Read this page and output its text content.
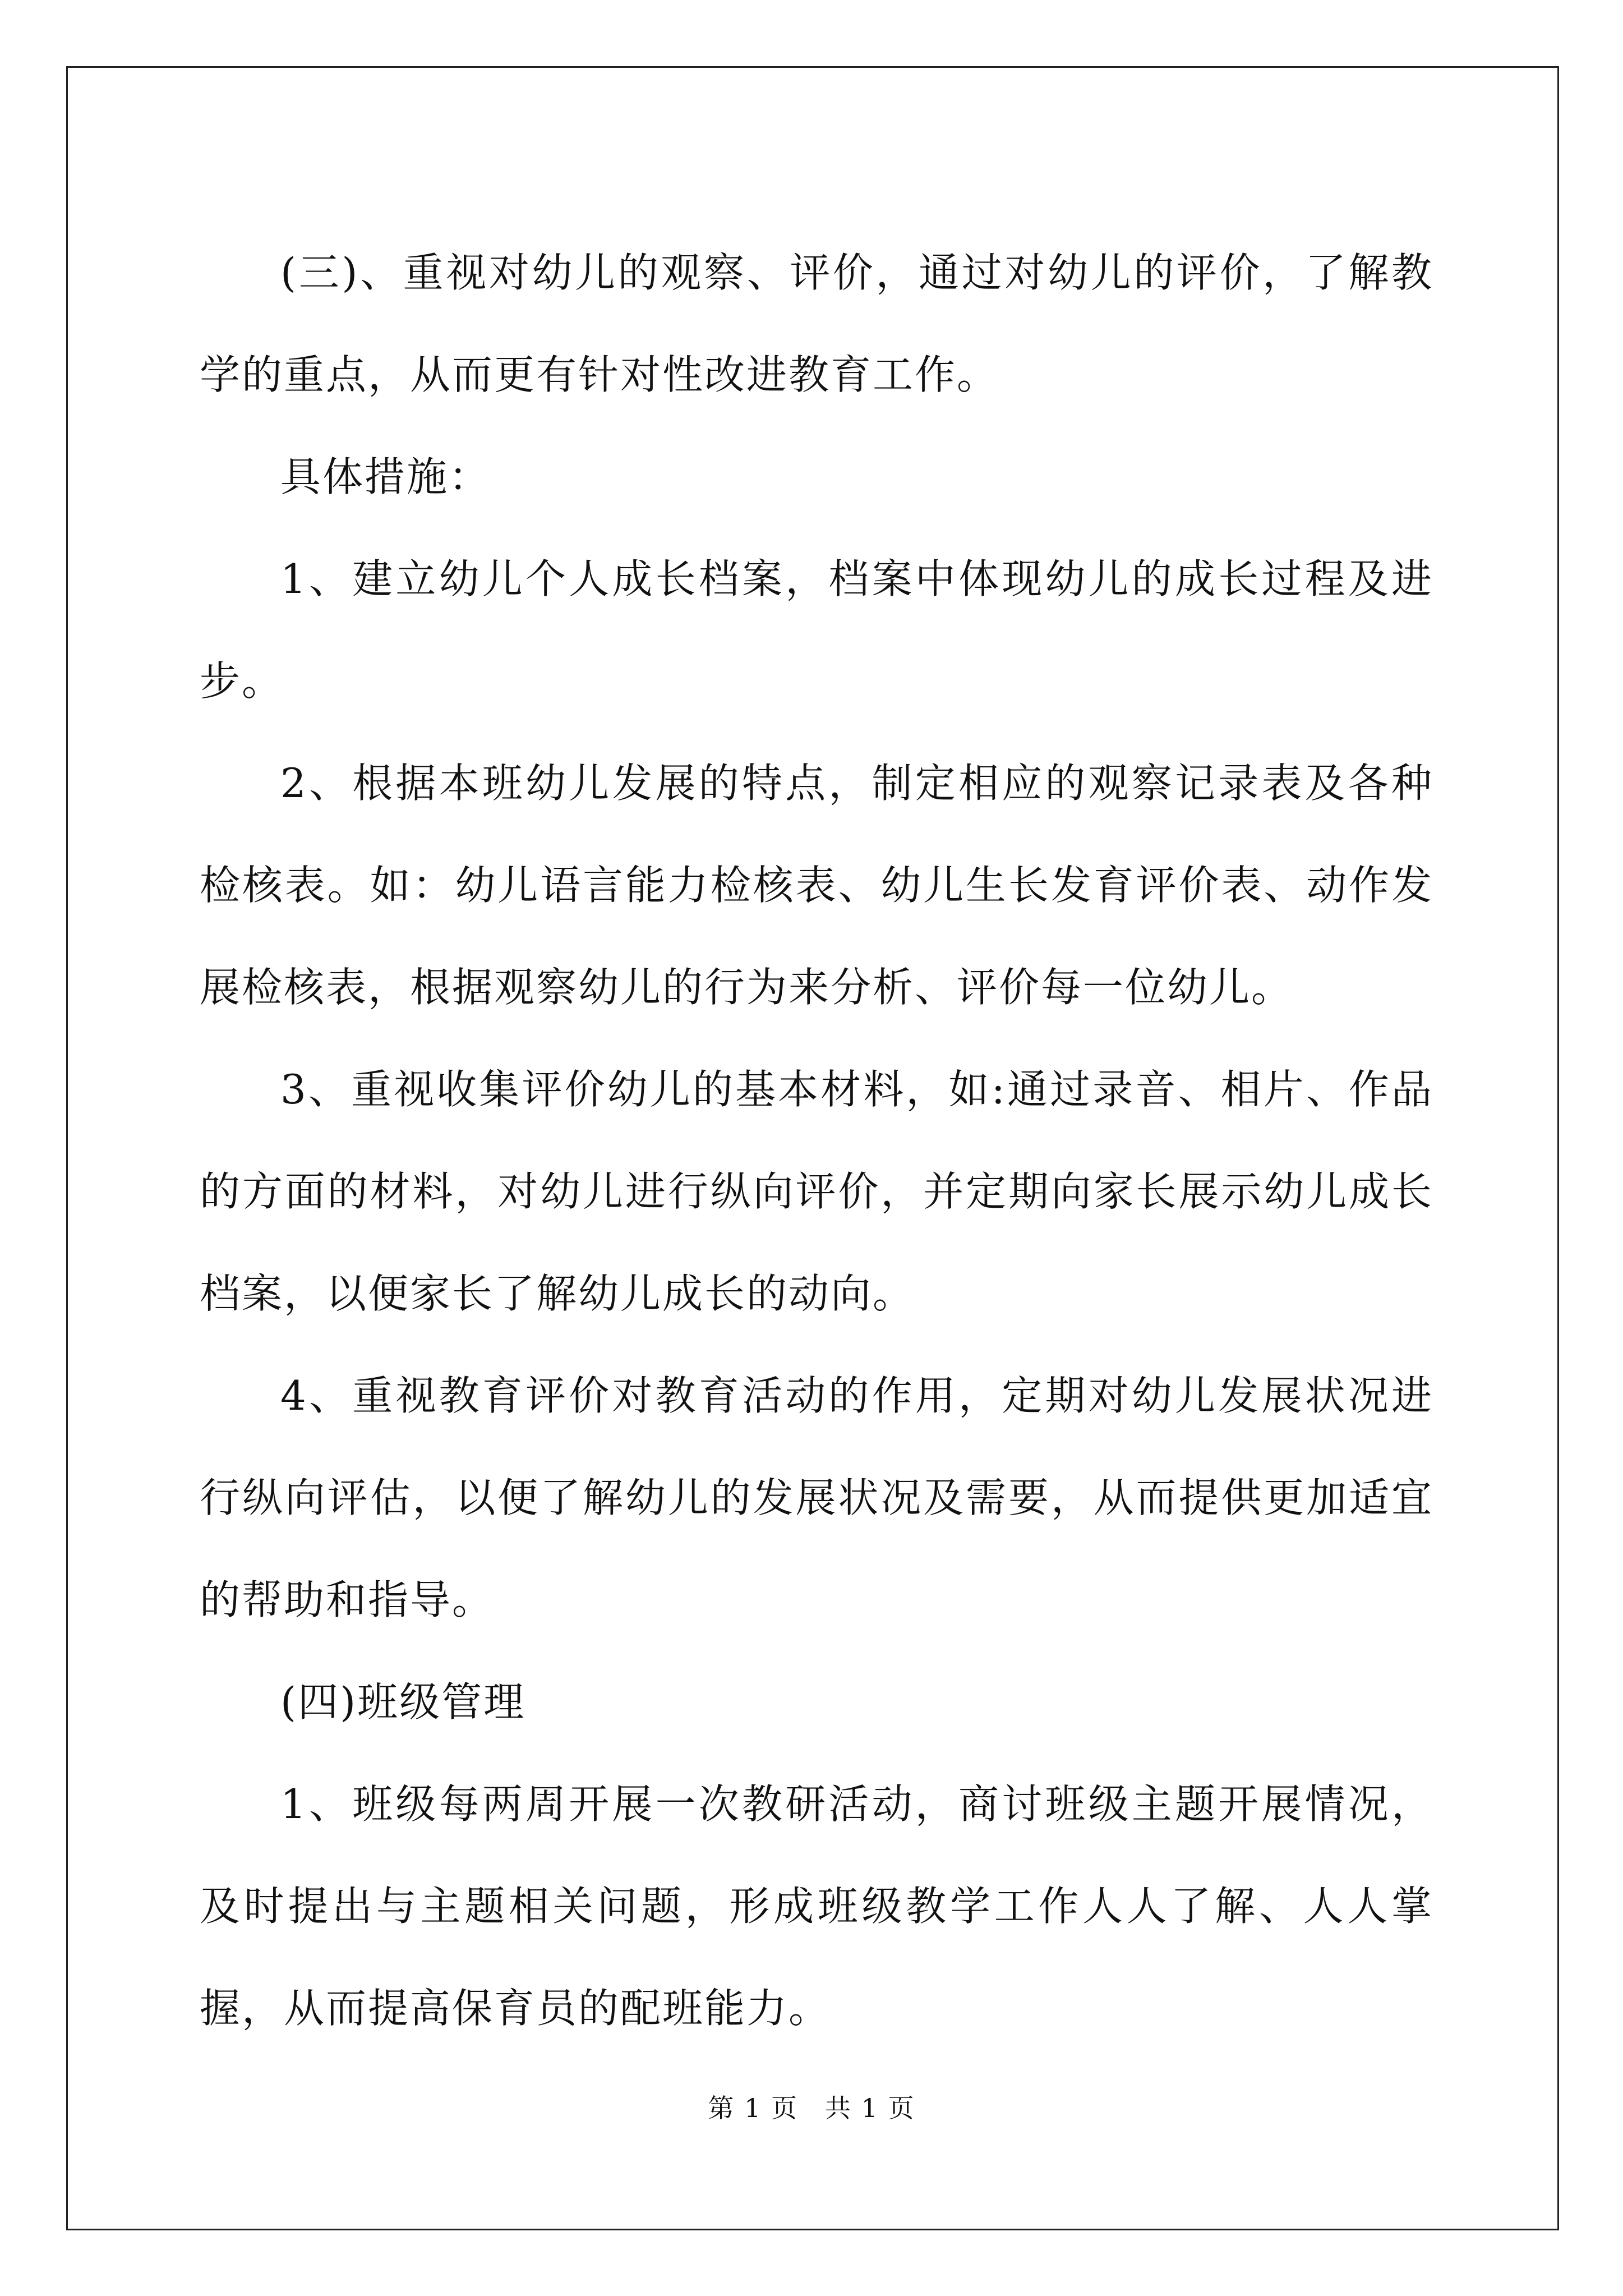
(三)、重视对幼儿的观察、评价，通过对幼儿的评价，了解教学的重点，从而更有针对性改进教育工作。

具体措施：

1、建立幼儿个人成长档案，档案中体现幼儿的成长过程及进步。

2、根据本班幼儿发展的特点，制定相应的观察记录表及各种检核表。如：幼儿语言能力检核表、幼儿生长发育评价表、动作发展检核表，根据观察幼儿的行为来分析、评价每一位幼儿。

3、重视收集评价幼儿的基本材料，如:通过录音、相片、作品的方面的材料，对幼儿进行纵向评价，并定期向家长展示幼儿成长档案，以便家长了解幼儿成长的动向。

4、重视教育评价对教育活动的作用，定期对幼儿发展状况进行纵向评估，以便了解幼儿的发展状况及需要，从而提供更加适宜的帮助和指导。

(四)班级管理

1、班级每两周开展一次教研活动，商讨班级主题开展情况，及时提出与主题相关问题，形成班级教学工作人人了解、人人掌握，从而提高保育员的配班能力。

第 1 页　共 1 页
